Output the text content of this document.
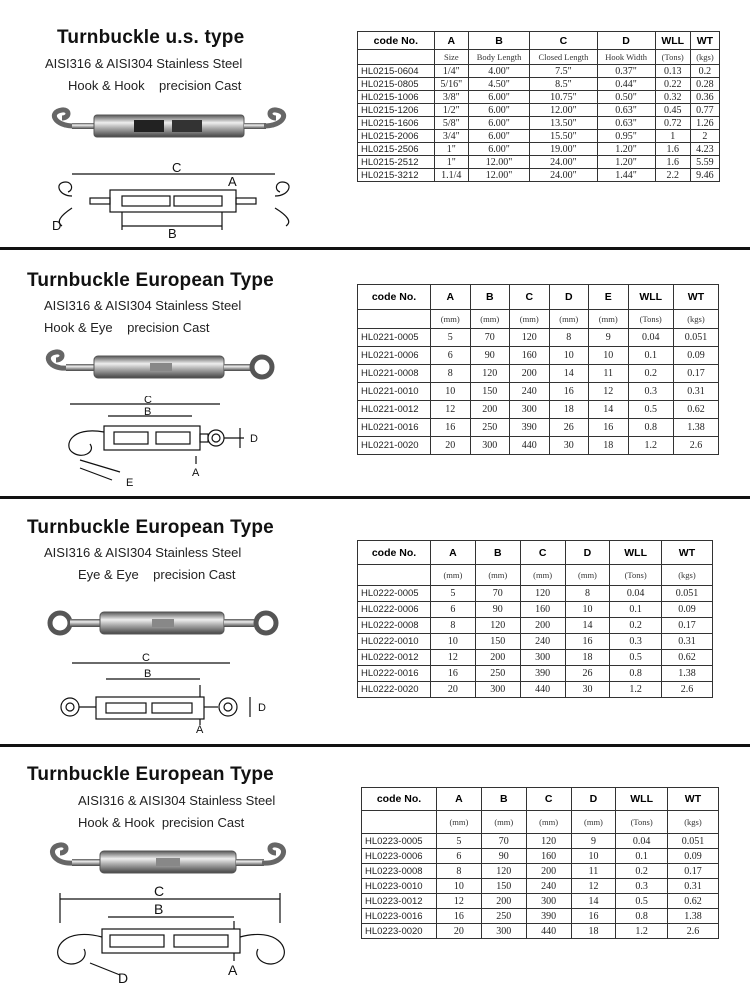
Turnbuckle u.s. type
AISI316 & AISI304 Stainless Steel
Hook & Hook    precision Cast
C
A
B
D
code No.	A	B	C	D	WLL	WT
	Size	Body Length	Closed Length	Hook Width	(Tons)	(kgs)
HL0215-0604	1/4"	4.00"	7.5"	0.37"	0.13	0.2
HL0215-0805	5/16"	4.50"	8.5"	0.44"	0.22	0.28
HL0215-1006	3/8"	6.00"	10.75"	0.50"	0.32	0.36
HL0215-1206	1/2"	6.00"	12.00"	0.63"	0.45	0.77
HL0215-1606	5/8"	6.00"	13.50"	0.63"	0.72	1.26
HL0215-2006	3/4"	6.00"	15.50"	0.95"	1	2
HL0215-2506	1"	6.00"	19.00"	1.20"	1.6	4.23
HL0215-2512	1"	12.00"	24.00"	1.20"	1.6	5.59
HL0215-3212	1.1/4	12.00"	24.00"	1.44"	2.2	9.46
Turnbuckle European Type
AISI316 & AISI304 Stainless Steel
Hook & Eye    precision Cast
C
B
A
D
E
code No.	A	B	C	D	E	WLL	WT
	(mm)	(mm)	(mm)	(mm)	(mm)	(Tons)	(kgs)
HL0221-0005	5	70	120	8	9	0.04	0.051
HL0221-0006	6	90	160	10	10	0.1	0.09
HL0221-0008	8	120	200	14	11	0.2	0.17
HL0221-0010	10	150	240	16	12	0.3	0.31
HL0221-0012	12	200	300	18	14	0.5	0.62
HL0221-0016	16	250	390	26	16	0.8	1.38
HL0221-0020	20	300	440	30	18	1.2	2.6
Turnbuckle European Type
AISI316 & AISI304 Stainless Steel
Eye & Eye    precision Cast
C
B
A
D
code No.	A	B	C	D	WLL	WT
	(mm)	(mm)	(mm)	(mm)	(Tons)	(kgs)
HL0222-0005	5	70	120	8	0.04	0.051
HL0222-0006	6	90	160	10	0.1	0.09
HL0222-0008	8	120	200	14	0.2	0.17
HL0222-0010	10	150	240	16	0.3	0.31
HL0222-0012	12	200	300	18	0.5	0.62
HL0222-0016	16	250	390	26	0.8	1.38
HL0222-0020	20	300	440	30	1.2	2.6
Turnbuckle European Type
AISI316 & AISI304 Stainless Steel
Hook & Hook  precision Cast
C
B
A
D
code No.	A	B	C	D	WLL	WT
	(mm)	(mm)	(mm)	(mm)	(Tons)	(kgs)
HL0223-0005	5	70	120	9	0.04	0.051
HL0223-0006	6	90	160	10	0.1	0.09
HL0223-0008	8	120	200	11	0.2	0.17
HL0223-0010	10	150	240	12	0.3	0.31
HL0223-0012	12	200	300	14	0.5	0.62
HL0223-0016	16	250	390	16	0.8	1.38
HL0223-0020	20	300	440	18	1.2	2.6
